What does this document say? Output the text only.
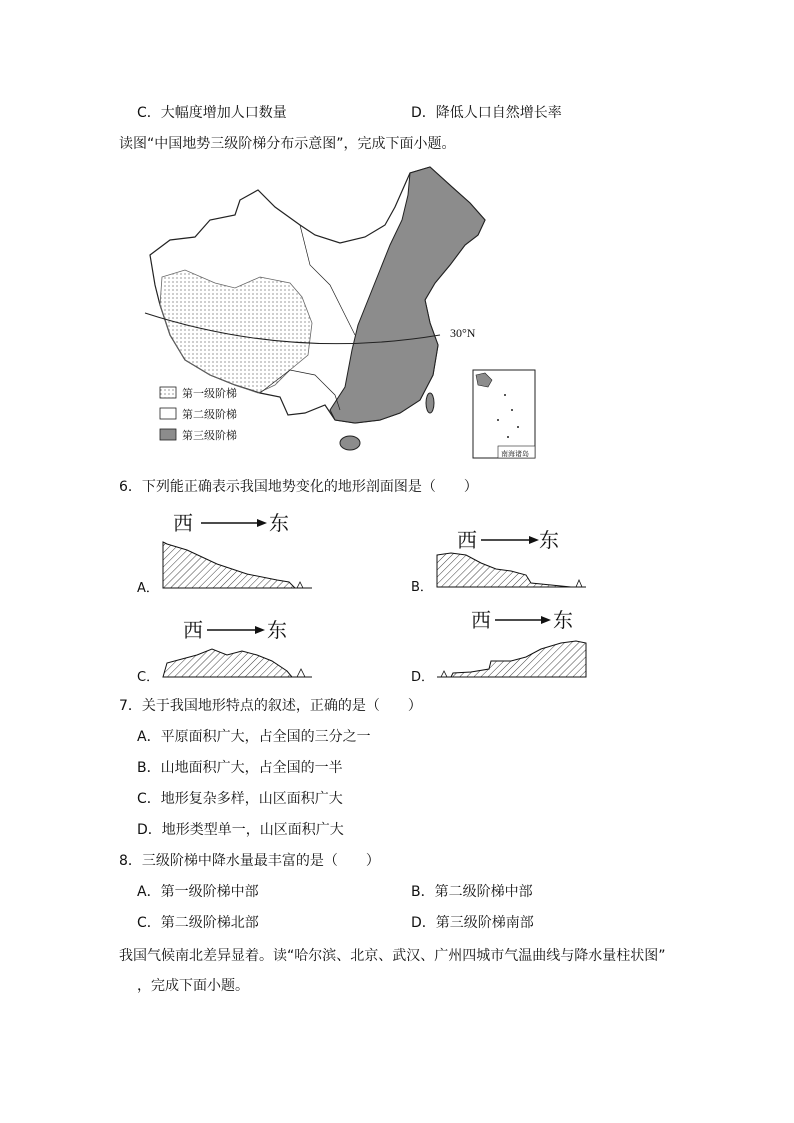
C．大幅度增加人口数量	D．降低人口自然增长率
读图“中国地势三级阶梯分布示意图”，完成下面小题。
30°N
第一级阶梯
第二级阶梯
第三级阶梯
南海诸岛
6．下列能正确表示我国地势变化的地形剖面图是（　　）
A．
西	东
B．
西	东
C．
西	东
D．
西	东
7．关于我国地形特点的叙述，正确的是（　　）
A．平原面积广大，占全国的三分之一
B．山地面积广大，占全国的一半
C．地形复杂多样，山区面积广大
D．地形类型单一，山区面积广大
8．三级阶梯中降水量最丰富的是（　　）
A．第一级阶梯中部	B．第二级阶梯中部
C．第二级阶梯北部	D．第三级阶梯南部
我国气候南北差异显着。读“哈尔滨、北京、武汉、广州四城市气温曲线与降水量柱状图”
，完成下面小题。
